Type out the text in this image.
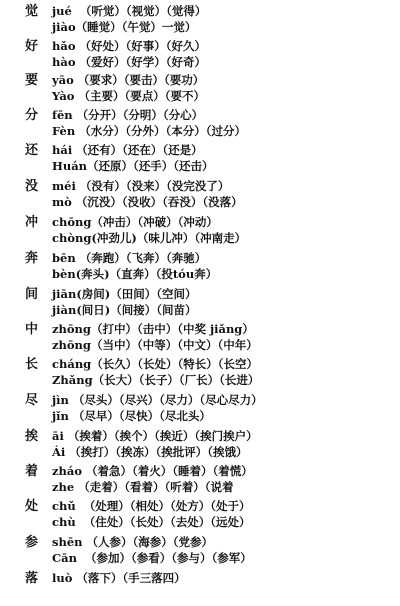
觉 jué  （听觉）（视觉）（觉得）
jiào（睡觉）（午觉）一觉）
好 hǎo （好处）（好事）（好久）
hào （爱好）（好学）（好奇）
要 yāo （要求）（要击）（要功）
Yào （主要）（要点）（要不）
分 fēn （分开）（分明）（分心）
Fèn （水分）（分外）（本分）（过分）
还 hái （还有）（还在）（还是）
Huán（还原）（还手）（还击）
没 méi （没有）（没来）（没完没了）
mò （沉没）（没收）（吞没）（没落）
冲 chōng（冲击）（冲破）（冲动）
chòng(冲劲儿)（味儿冲）（冲南走）
奔 bēn （奔跑）（飞奔）（奔驰）
bèn(奔头)（直奔）（投tóu奔）
间 jiān(房间)（田间）（空间）
jiàn(间日)（间接）（间苗）
中 zhōng（打中）（击中）（中奖 jiǎng）
zhōng（当中）（中等）（中文）（中年）
长 cháng（长久）（长处）（特长）（长空）
Zhǎng（长大）（长子）（厂长）（长进）
尽 jìn （尽头）（尽兴）（尽力）（尽心尽力）
jǐn （尽早）（尽快）（尽北头）
挨 āi （挨着）（挨个）（挨近）（挨门挨户）
Ái （挨打）（挨冻）（挨批评）（挨饿）
着 zháo （着急）（着火）（睡着）（着慌）
zhe （走着）（看着）（听着）（说着
处 chǔ  （处理）（相处）（处方）（处于）
chù  （住处）（长处）（去处）（远处）
参 shēn （人参）（海参）（党参）
Cān  （参加）（参看）（参与）（参军）
落 luò （落下）（手三落四）
